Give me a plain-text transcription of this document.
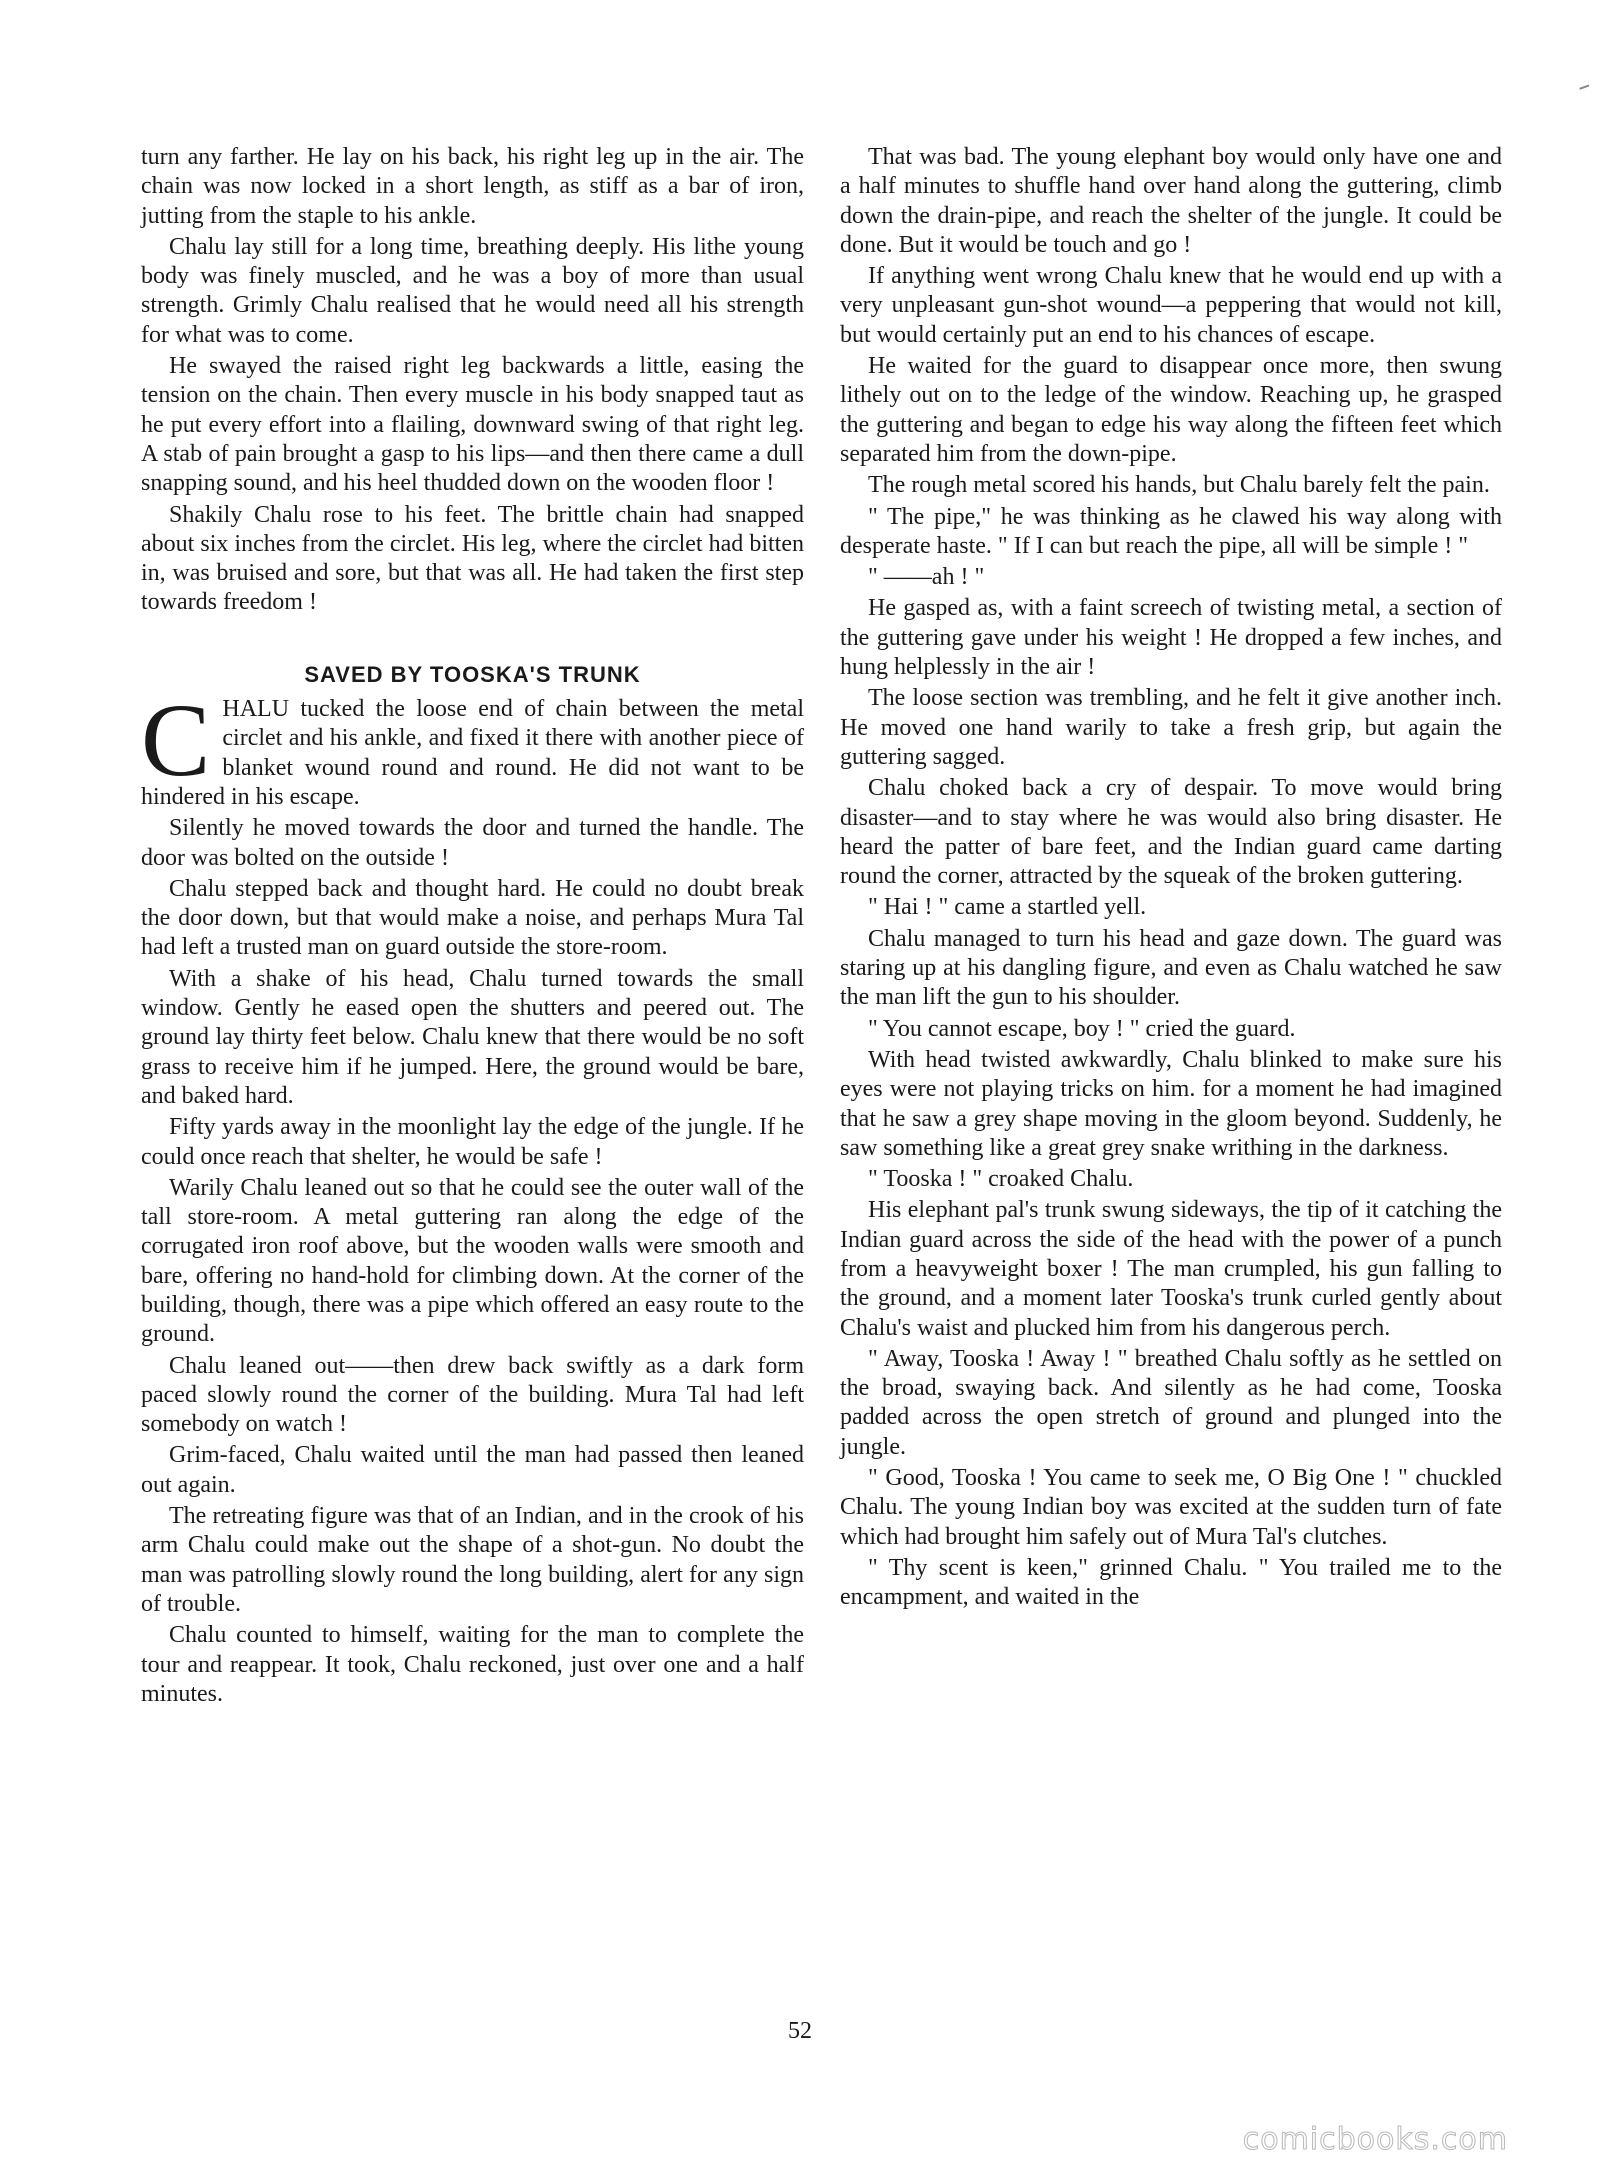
turn any farther. He lay on his back, his right leg up in the air. The chain was now locked in a short length, as stiff as a bar of iron, jutting from the staple to his ankle.

Chalu lay still for a long time, breathing deeply. His lithe young body was finely muscled, and he was a boy of more than usual strength. Grimly Chalu realised that he would need all his strength for what was to come.

He swayed the raised right leg backwards a little, easing the tension on the chain. Then every muscle in his body snapped taut as he put every effort into a flailing, downward swing of that right leg. A stab of pain brought a gasp to his lips—and then there came a dull snapping sound, and his heel thudded down on the wooden floor !

Shakily Chalu rose to his feet. The brittle chain had snapped about six inches from the circlet. His leg, where the circlet had bitten in, was bruised and sore, but that was all. He had taken the first step towards freedom !

SAVED BY TOOSKA'S TRUNK

CHALU tucked the loose end of chain between the metal circlet and his ankle, and fixed it there with another piece of blanket wound round and round. He did not want to be hindered in his escape.

Silently he moved towards the door and turned the handle. The door was bolted on the outside !

Chalu stepped back and thought hard. He could no doubt break the door down, but that would make a noise, and perhaps Mura Tal had left a trusted man on guard outside the store-room.

With a shake of his head, Chalu turned towards the small window. Gently he eased open the shutters and peered out. The ground lay thirty feet below. Chalu knew that there would be no soft grass to receive him if he jumped. Here, the ground would be bare, and baked hard.

Fifty yards away in the moonlight lay the edge of the jungle. If he could once reach that shelter, he would be safe !

Warily Chalu leaned out so that he could see the outer wall of the tall store-room. A metal guttering ran along the edge of the corrugated iron roof above, but the wooden walls were smooth and bare, offering no hand-hold for climbing down. At the corner of the building, though, there was a pipe which offered an easy route to the ground.

Chalu leaned out——then drew back swiftly as a dark form paced slowly round the corner of the building. Mura Tal had left somebody on watch !

Grim-faced, Chalu waited until the man had passed then leaned out again.

The retreating figure was that of an Indian, and in the crook of his arm Chalu could make out the shape of a shot-gun. No doubt the man was patrolling slowly round the long building, alert for any sign of trouble.

Chalu counted to himself, waiting for the man to complete the tour and reappear. It took, Chalu reckoned, just over one and a half minutes.

That was bad. The young elephant boy would only have one and a half minutes to shuffle hand over hand along the guttering, climb down the drain-pipe, and reach the shelter of the jungle. It could be done. But it would be touch and go !

If anything went wrong Chalu knew that he would end up with a very unpleasant gun-shot wound—a peppering that would not kill, but would certainly put an end to his chances of escape.

He waited for the guard to disappear once more, then swung lithely out on to the ledge of the window. Reaching up, he grasped the guttering and began to edge his way along the fifteen feet which separated him from the down-pipe.

The rough metal scored his hands, but Chalu barely felt the pain.

" The pipe," he was thinking as he clawed his way along with desperate haste. " If I can but reach the pipe, all will be simple ! "

" ——ah ! "

He gasped as, with a faint screech of twisting metal, a section of the guttering gave under his weight ! He dropped a few inches, and hung helplessly in the air !

The loose section was trembling, and he felt it give another inch. He moved one hand warily to take a fresh grip, but again the guttering sagged.

Chalu choked back a cry of despair. To move would bring disaster—and to stay where he was would also bring disaster. He heard the patter of bare feet, and the Indian guard came darting round the corner, attracted by the squeak of the broken guttering.

" Hai ! " came a startled yell.

Chalu managed to turn his head and gaze down. The guard was staring up at his dangling figure, and even as Chalu watched he saw the man lift the gun to his shoulder.

" You cannot escape, boy ! " cried the guard.

With head twisted awkwardly, Chalu blinked to make sure his eyes were not playing tricks on him. for a moment he had imagined that he saw a grey shape moving in the gloom beyond. Suddenly, he saw something like a great grey snake writhing in the darkness.

" Tooska ! " croaked Chalu.

His elephant pal's trunk swung sideways, the tip of it catching the Indian guard across the side of the head with the power of a punch from a heavyweight boxer ! The man crumpled, his gun falling to the ground, and a moment later Tooska's trunk curled gently about Chalu's waist and plucked him from his dangerous perch.

" Away, Tooska ! Away ! " breathed Chalu softly as he settled on the broad, swaying back. And silently as he had come, Tooska padded across the open stretch of ground and plunged into the jungle.

" Good, Tooska ! You came to seek me, O Big One ! " chuckled Chalu. The young Indian boy was excited at the sudden turn of fate which had brought him safely out of Mura Tal's clutches.

" Thy scent is keen," grinned Chalu. " You trailed me to the encampment, and waited in the

52
comicbooks.com
